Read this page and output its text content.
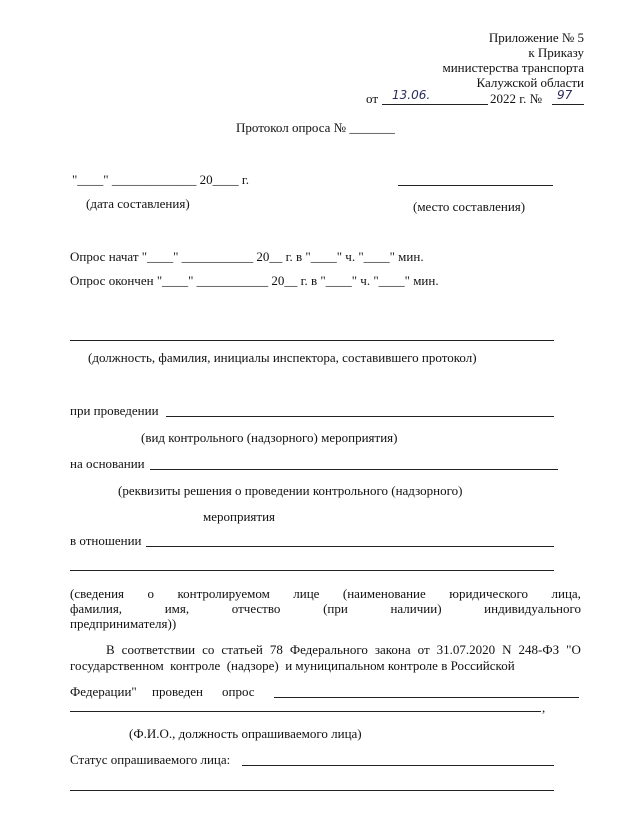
Приложение № 5
к Приказу
министерства транспорта
Калужской области
от 13.06.	2022 г. № 97
Протокол опроса № _______
"____" _____________ 20____ г.
(дата составления)	(место составления)
Опрос начат "____" ___________ 20__ г. в "____" ч. "____" мин.
Опрос окончен "____" ___________ 20__ г. в "____" ч. "____" мин.
(должность, фамилия, инициалы инспектора, составившего протокол)
при проведении
(вид контрольного (надзорного) мероприятия)
на основании
(реквизиты решения о проведении контрольного (надзорного)
мероприятия
в отношении
(сведения о контролируемом лице (наименование юридического лица,
фамилия,	имя,	отчество	(при	наличии)	индивидуального
предпринимателя))
В соответствии со статьей 78 Федерального закона от 31.07.2020 N 248-ФЗ "О
государственном  контроле  (надзоре)  и муниципальном контроле в Российской
Федерации" проведен опрос
,
(Ф.И.О., должность опрашиваемого лица)
Статус опрашиваемого лица:
